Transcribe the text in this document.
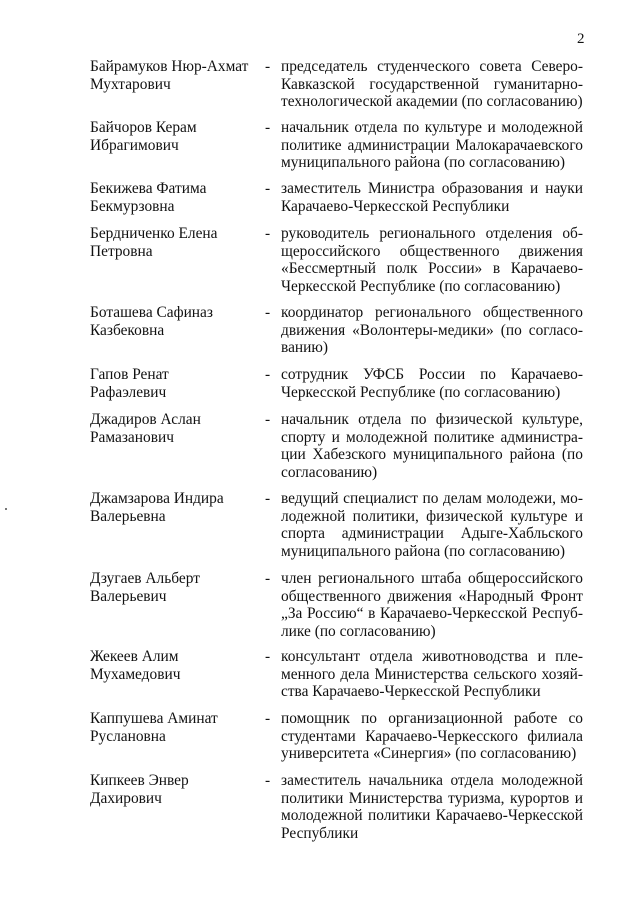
2
Байрамуков Нюр-Ахмат
Мухтарович
- председатель студенческого совета Северо-
Кавказской государственной гуманитарно-
технологической академии (по согласованию)
Байчоров Керам
Ибрагимович
- начальник отдела по культуре и молодежной
политике администрации Малокарачаевского
муниципального района (по согласованию)
Бекижева Фатима
Бекмурзовна
- заместитель Министра образования и науки
Карачаево-Черкесской Республики
Бердниченко Елена
Петровна
- руководитель регионального отделения об-
щероссийского общественного движения
«Бессмертный полк России» в Карачаево-
Черкесской Республике (по согласованию)
Боташева Сафиназ
Казбековна
- координатор регионального общественного
движения «Волонтеры-медики» (по согласо-
ванию)
Гапов Ренат
Рафаэлевич
- сотрудник УФСБ России по Карачаево-
Черкесской Республике (по согласованию)
Джадиров Аслан
Рамазанович
- начальник отдела по физической культуре,
спорту и молодежной политике администра-
ции Хабезского муниципального района (по
согласованию)
Джамзарова Индира
Валерьевна
- ведущий специалист по делам молодежи, мо-
лодежной политики, физической культуре и
спорта администрации Адыге-Хабльского
муниципального района (по согласованию)
Дзугаев Альберт
Валерьевич
- член регионального штаба общероссийского
общественного движения «Народный Фронт
„За Россию“ в Карачаево-Черкесской Респуб-
лике (по согласованию)
Жекеев Алим
Мухамедович
- консультант отдела животноводства и пле-
менного дела Министерства сельского хозяй-
ства Карачаево-Черкесской Республики
Каппушева Аминат
Руслановна
- помощник по организационной работе со
студентами Карачаево-Черкесского филиала
университета «Синергия» (по согласованию)
Кипкеев Энвер
Дахирович
- заместитель начальника отдела молодежной
политики Министерства туризма, курортов и
молодежной политики Карачаево-Черкесской
Республики
